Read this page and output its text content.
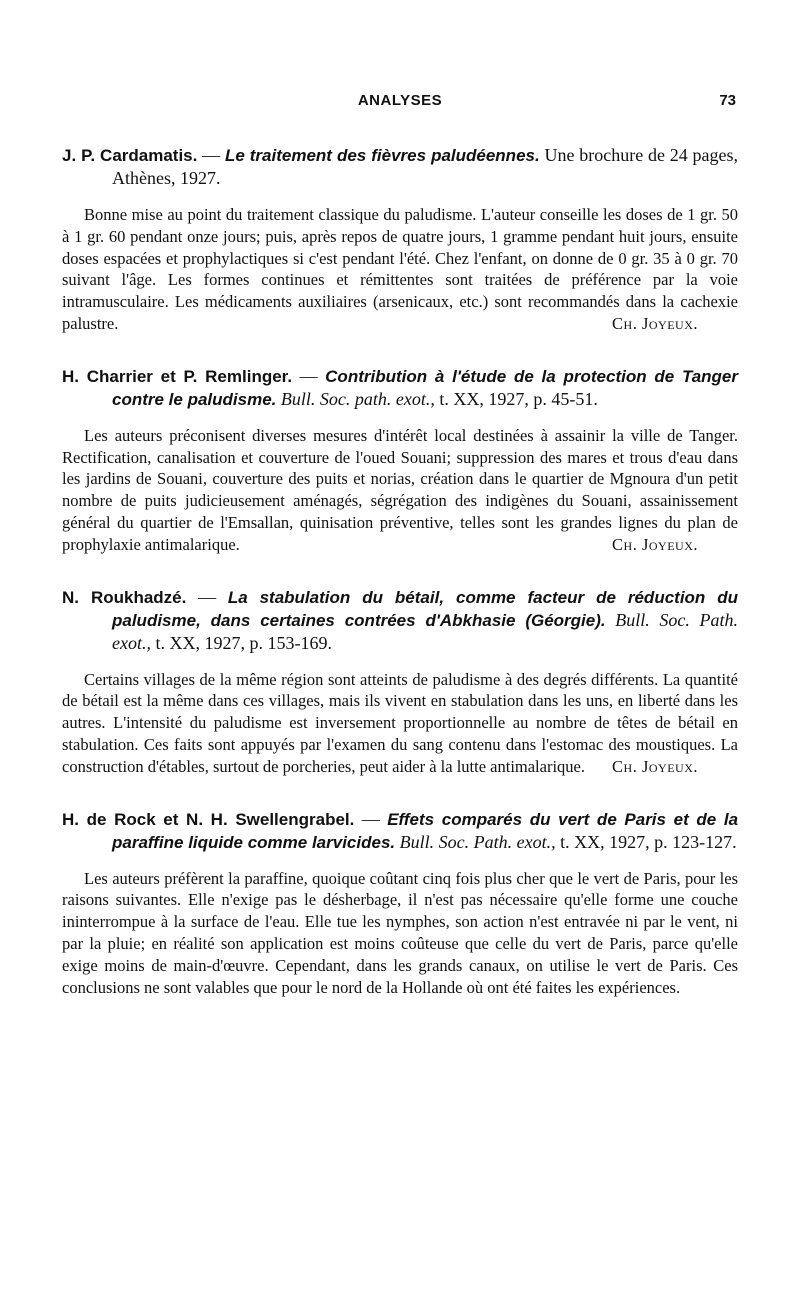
ANALYSES	73

J. P. Cardamatis. — Le traitement des fièvres paludéennes. Une brochure de 24 pages, Athènes, 1927.

Bonne mise au point du traitement classique du paludisme. L'auteur conseille les doses de 1 gr. 50 à 1 gr. 60 pendant onze jours; puis, après repos de quatre jours, 1 gramme pendant huit jours, ensuite doses espacées et prophylactiques si c'est pendant l'été. Chez l'enfant, on donne de 0 gr. 35 à 0 gr. 70 suivant l'âge. Les formes continues et rémittentes sont traitées de préférence par la voie intramusculaire. Les médicaments auxiliaires (arsenicaux, etc.) sont recommandés dans la cachexie palustre.	Ch. Joyeux.

H. Charrier et P. Remlinger. — Contribution à l'étude de la protection de Tanger contre le paludisme. Bull. Soc. path. exot., t. XX, 1927, p. 45-51.

Les auteurs préconisent diverses mesures d'intérêt local destinées à assainir la ville de Tanger. Rectification, canalisation et couverture de l'oued Souani; suppression des mares et trous d'eau dans les jardins de Souani, couverture des puits et norias, création dans le quartier de Mgnoura d'un petit nombre de puits judicieusement aménagés, ségrégation des indigènes du Souani, assainissement général du quartier de l'Emsallan, quinisation préventive, telles sont les grandes lignes du plan de prophylaxie antimalarique.	Ch. Joyeux.

N. Roukhadzé. — La stabulation du bétail, comme facteur de réduction du paludisme, dans certaines contrées d'Abkhasie (Géorgie). Bull. Soc. Path. exot., t. XX, 1927, p. 153-169.

Certains villages de la même région sont atteints de paludisme à des degrés différents. La quantité de bétail est la même dans ces villages, mais ils vivent en stabulation dans les uns, en liberté dans les autres. L'intensité du paludisme est inversement proportionnelle au nombre de têtes de bétail en stabulation. Ces faits sont appuyés par l'examen du sang contenu dans l'estomac des moustiques. La construction d'étables, surtout de porcheries, peut aider à la lutte antimalarique.	Ch. Joyeux.

H. de Rock et N. H. Swellengrabel. — Effets comparés du vert de Paris et de la paraffine liquide comme larvicides. Bull. Soc. Path. exot., t. XX, 1927, p. 123-127.

Les auteurs préfèrent la paraffine, quoique coûtant cinq fois plus cher que le vert de Paris, pour les raisons suivantes. Elle n'exige pas le désherbage, il n'est pas nécessaire qu'elle forme une couche ininterrompue à la surface de l'eau. Elle tue les nymphes, son action n'est entravée ni par le vent, ni par la pluie; en réalité son application est moins coûteuse que celle du vert de Paris, parce qu'elle exige moins de main-d'œuvre. Cependant, dans les grands canaux, on utilise le vert de Paris. Ces conclusions ne sont valables que pour le nord de la Hollande où ont été faites les expériences.
